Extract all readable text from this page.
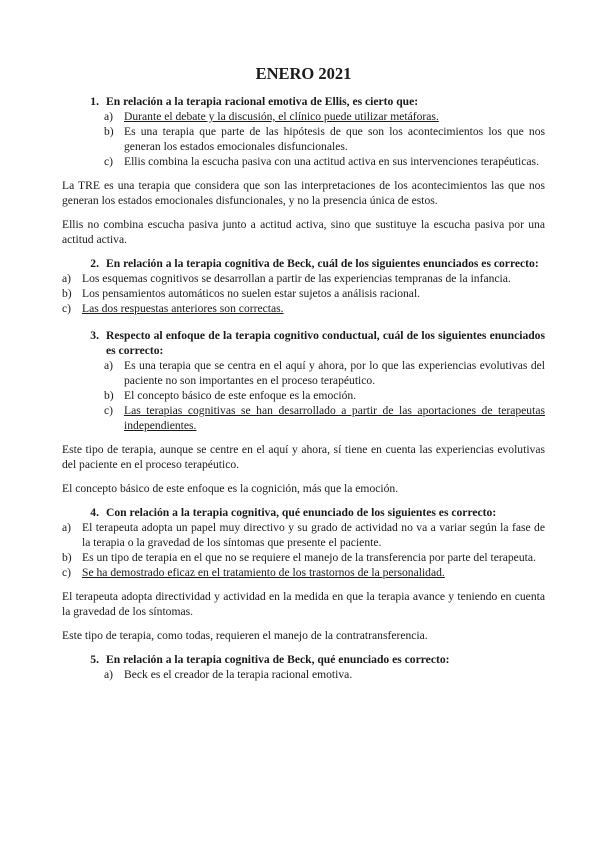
ENERO 2021
1. En relación a la terapia racional emotiva de Ellis, es cierto que:
a) Durante el debate y la discusión, el clínico puede utilizar metáforas.
b) Es una terapia que parte de las hipótesis de que son los acontecimientos los que nos generan los estados emocionales disfuncionales.
c) Ellis combina la escucha pasiva con una actitud activa en sus intervenciones terapéuticas.

La TRE es una terapia que considera que son las interpretaciones de los acontecimientos las que nos generan los estados emocionales disfuncionales, y no la presencia única de estos.

Ellis no combina escucha pasiva junto a actitud activa, sino que sustituye la escucha pasiva por una actitud activa.

2. En relación a la terapia cognitiva de Beck, cuál de los siguientes enunciados es correcto:
a) Los esquemas cognitivos se desarrollan a partir de las experiencias tempranas de la infancia.
b) Los pensamientos automáticos no suelen estar sujetos a análisis racional.
c) Las dos respuestas anteriores son correctas.
3. Respecto al enfoque de la terapia cognitivo conductual, cuál de los siguientes enunciados es correcto:
a) Es una terapia que se centra en el aquí y ahora, por lo que las experiencias evolutivas del paciente no son importantes en el proceso terapéutico.
b) El concepto básico de este enfoque es la emoción.
c) Las terapias cognitivas se han desarrollado a partir de las aportaciones de terapeutas independientes.

Este tipo de terapia, aunque se centre en el aquí y ahora, sí tiene en cuenta las experiencias evolutivas del paciente en el proceso terapéutico.

El concepto básico de este enfoque es la cognición, más que la emoción.

4. Con relación a la terapia cognitiva, qué enunciado de los siguientes es correcto:
a) El terapeuta adopta un papel muy directivo y su grado de actividad no va a variar según la fase de la terapia o la gravedad de los síntomas que presente el paciente.
b) Es un tipo de terapia en el que no se requiere el manejo de la transferencia por parte del terapeuta.
c) Se ha demostrado eficaz en el tratamiento de los trastornos de la personalidad.

El terapeuta adopta directividad y actividad en la medida en que la terapia avance y teniendo en cuenta la gravedad de los síntomas.

Este tipo de terapia, como todas, requieren el manejo de la contratransferencia.

5. En relación a la terapia cognitiva de Beck, qué enunciado es correcto:
a) Beck es el creador de la terapia racional emotiva.
